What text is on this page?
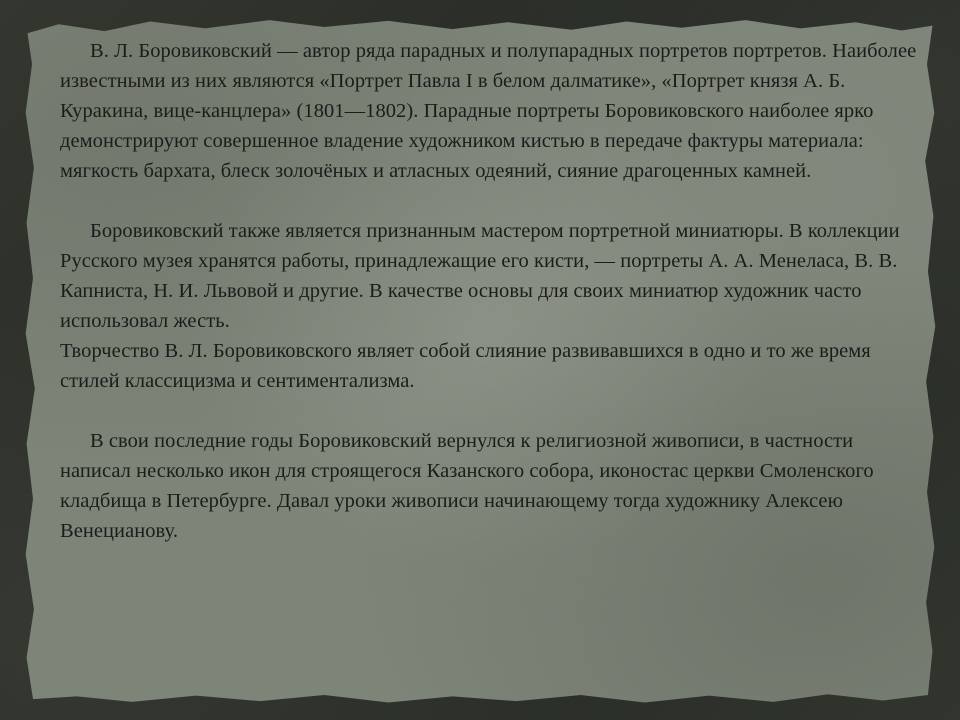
В. Л. Боровиковский — автор ряда парадных и полупарадных портретов портретов. Наиболее известными из них являются «Портрет Павла I в белом далматике», «Портрет князя А. Б. Куракина, вице-канцлера» (1801—1802). Парадные портреты Боровиковского наиболее ярко демонстрируют совершенное владение художником кистью в передаче фактуры материала: мягкость бархата, блеск золочёных и атласных одеяний, сияние драгоценных камней.

Боровиковский также является признанным мастером портретной миниатюры. В коллекции Русского музея хранятся работы, принадлежащие его кисти, — портреты А. А. Менеласа, В. В. Капниста, Н. И. Львовой и другие. В качестве основы для своих миниатюр художник часто использовал жесть.

Творчество В. Л. Боровиковского являет собой слияние развивавшихся в одно и то же время стилей классицизма и сентиментализма.

В свои последние годы Боровиковский вернулся к религиозной живописи, в частности написал несколько икон для строящегося Казанского собора, иконостас церкви Смоленского кладбища в Петербурге. Давал уроки живописи начинающему тогда художнику Алексею Венецианову.
